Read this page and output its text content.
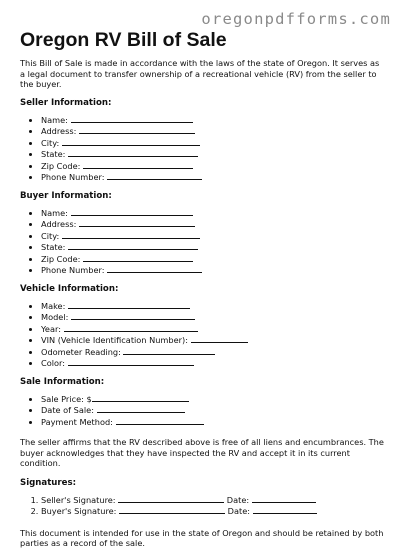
oregonpdfforms.com
Oregon RV Bill of Sale

This Bill of Sale is made in accordance with the laws of the state of Oregon. It serves as a legal document to transfer ownership of a recreational vehicle (RV) from the seller to the buyer.

Seller Information:
• Name:
• Address:
• City:
• State:
• Zip Code:
• Phone Number:
Buyer Information:
• Name:
• Address:
• City:
• State:
• Zip Code:
• Phone Number:
Vehicle Information:
• Make:
• Model:
• Year:
• VIN (Vehicle Identification Number):
• Odometer Reading:
• Color:
Sale Information:
• Sale Price: $
• Date of Sale:
• Payment Method:

The seller affirms that the RV described above is free of all liens and encumbrances. The buyer acknowledges that they have inspected the RV and accept it in its current condition.

Signatures:
1. Seller's Signature:	Date:
2. Buyer's Signature:	Date:

This document is intended for use in the state of Oregon and should be retained by both parties as a record of the sale.
